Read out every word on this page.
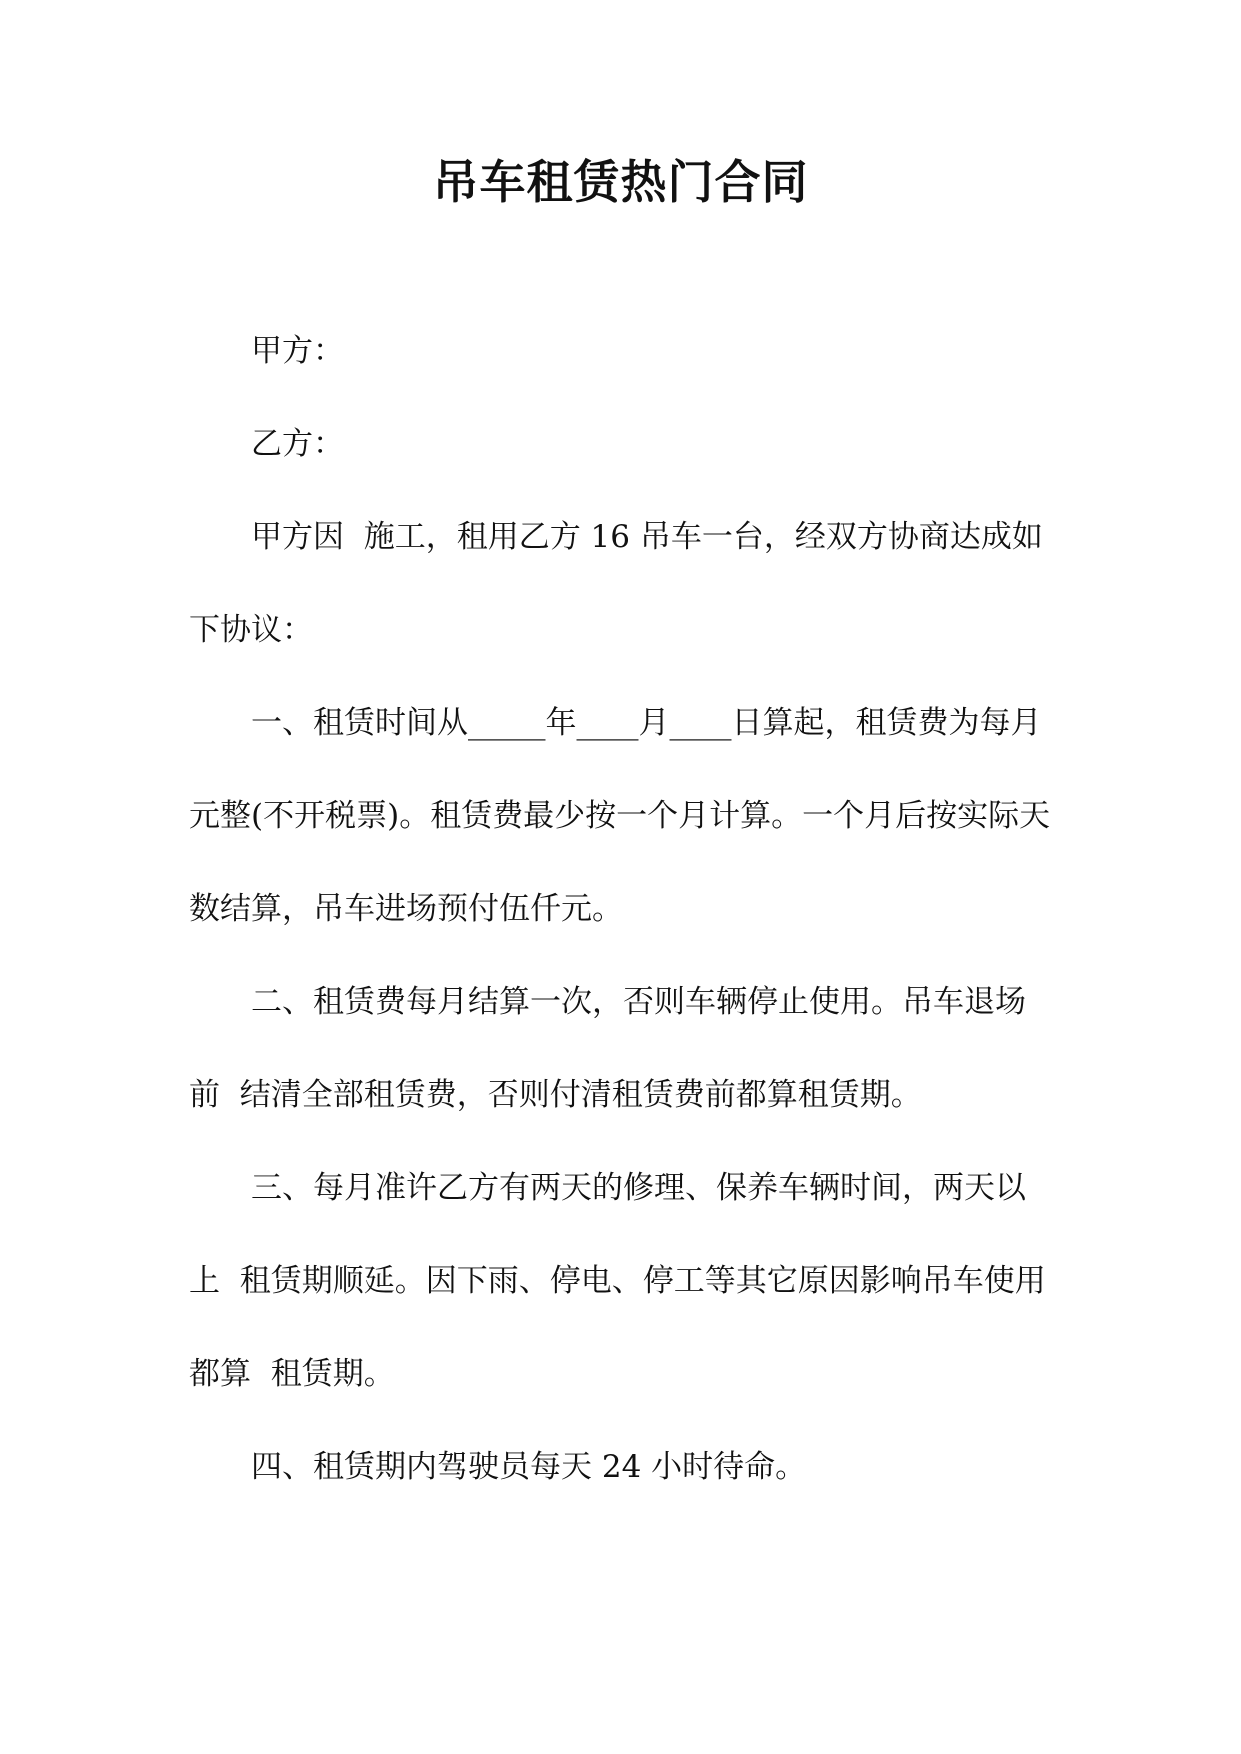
吊车租赁热门合同

甲方：

乙方：

甲方因  施工，租用乙方 16 吊车一台，经双方协商达成如下协议：

一、租赁时间从_____年____月____日算起，租赁费为每月  元整(不开税票)。租赁费最少按一个月计算。一个月后按实际天数结算，吊车进场预付伍仟元。

二、租赁费每月结算一次，否则车辆停止使用。吊车退场前  结清全部租赁费，否则付清租赁费前都算租赁期。

三、每月准许乙方有两天的修理、保养车辆时间，两天以上  租赁期顺延。因下雨、停电、停工等其它原因影响吊车使用都算  租赁期。

四、租赁期内驾驶员每天 24 小时待命。
